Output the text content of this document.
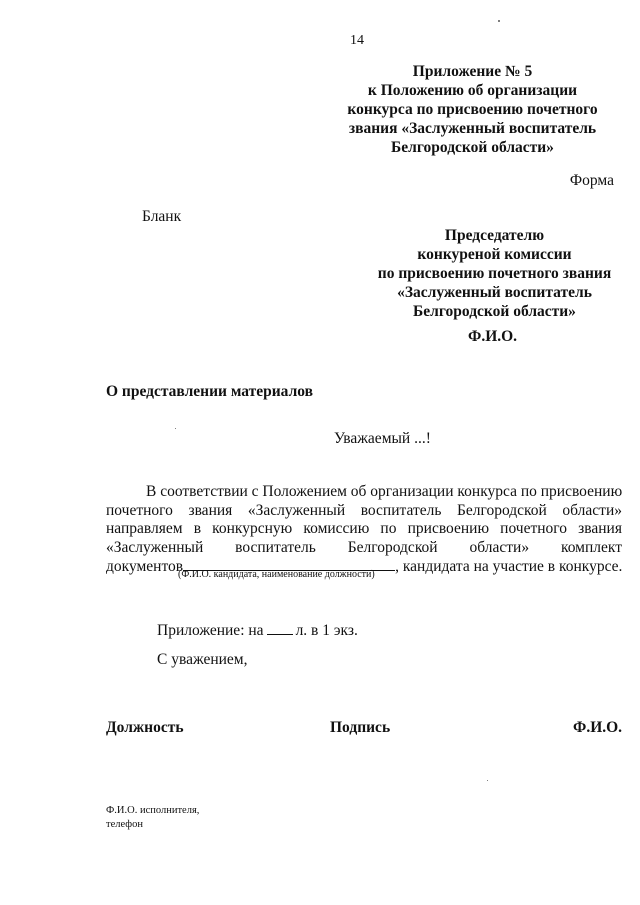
14
Приложение № 5
к Положению об организации
конкурса по присвоению почетного
звания «Заслуженный воспитатель
Белгородской области»
Форма
Бланк
Председателю
конкуреной комиссии
по присвоению почетного звания
«Заслуженный воспитатель
Белгородской области»
Ф.И.О.
О представлении материалов
Уважаемый ...!
В соответствии с Положением об организации конкурса по присвоению
почетного звания «Заслуженный воспитатель Белгородской области»
направляем в конкурсную комиссию по присвоению почетного звания
«Заслуженный воспитатель Белгородской области» комплект
документов	, кандидата на участие в конкурсе.
(Ф.И.О. кандидата, наименование должности)
Приложение: на л. в 1 экз.
С уважением,
Должность	Подпись	Ф.И.О.
Ф.И.О. исполнителя,
телефон
